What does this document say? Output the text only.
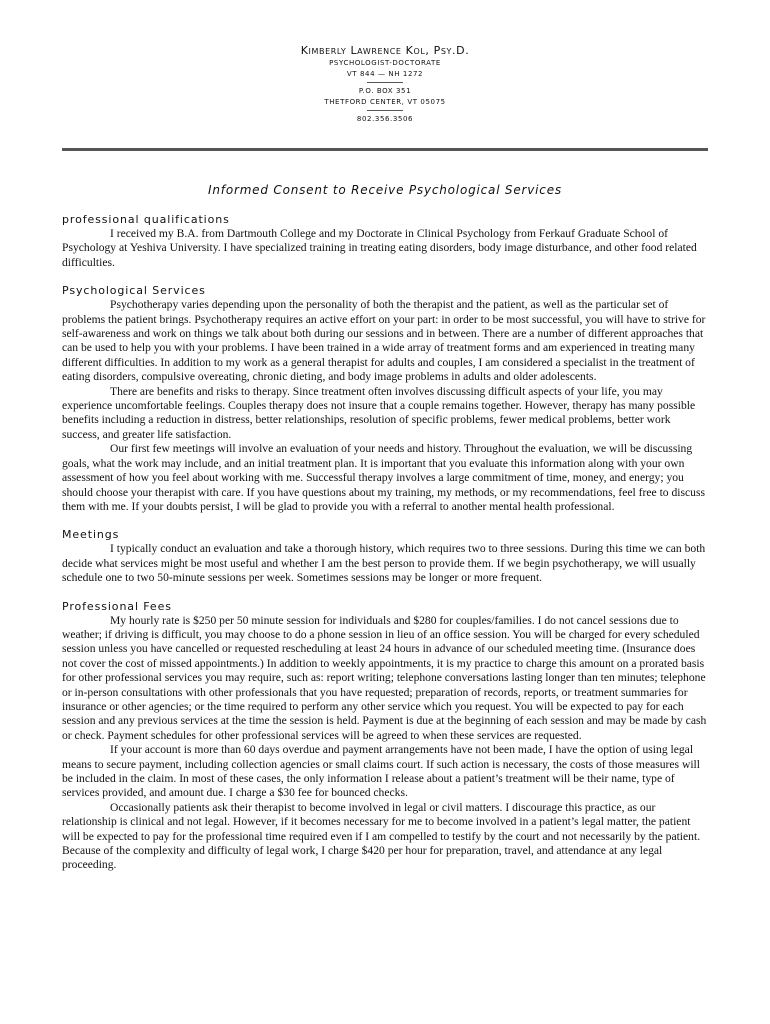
Kimberly Lawrence Kol, Psy.D.
PSYCHOLOGIST-DOCTORATE
VT 844 — NH 1272
P.O. BOX 351
THETFORD CENTER, VT 05075
802.356.3506
Informed Consent to Receive Psychological Services
professional qualifications

I received my B.A. from Dartmouth College and my Doctorate in Clinical Psychology from Ferkauf Graduate School of Psychology at Yeshiva University. I have specialized training in treating eating disorders, body image disturbance, and other food related difficulties.

Psychological Services

Psychotherapy varies depending upon the personality of both the therapist and the patient, as well as the particular set of problems the patient brings. Psychotherapy requires an active effort on your part: in order to be most successful, you will have to strive for self-awareness and work on things we talk about both during our sessions and in between. There are a number of different approaches that can be used to help you with your problems. I have been trained in a wide array of treatment forms and am experienced in treating many different difficulties. In addition to my work as a general therapist for adults and couples, I am considered a specialist in the treatment of eating disorders, compulsive overeating, chronic dieting, and body image problems in adults and older adolescents.

There are benefits and risks to therapy. Since treatment often involves discussing difficult aspects of your life, you may experience uncomfortable feelings. Couples therapy does not insure that a couple remains together. However, therapy has many possible benefits including a reduction in distress, better relationships, resolution of specific problems, fewer medical problems, better work success, and greater life satisfaction.

Our first few meetings will involve an evaluation of your needs and history. Throughout the evaluation, we will be discussing goals, what the work may include, and an initial treatment plan. It is important that you evaluate this information along with your own assessment of how you feel about working with me. Successful therapy involves a large commitment of time, money, and energy; you should choose your therapist with care. If you have questions about my training, my methods, or my recommendations, feel free to discuss them with me. If your doubts persist, I will be glad to provide you with a referral to another mental health professional.

Meetings

I typically conduct an evaluation and take a thorough history, which requires two to three sessions. During this time we can both decide what services might be most useful and whether I am the best person to provide them. If we begin psychotherapy, we will usually schedule one to two 50-minute sessions per week. Sometimes sessions may be longer or more frequent.

Professional Fees

My hourly rate is $250 per 50 minute session for individuals and $280 for couples/families. I do not cancel sessions due to weather; if driving is difficult, you may choose to do a phone session in lieu of an office session. You will be charged for every scheduled session unless you have cancelled or requested rescheduling at least 24 hours in advance of our scheduled meeting time. (Insurance does not cover the cost of missed appointments.) In addition to weekly appointments, it is my practice to charge this amount on a prorated basis for other professional services you may require, such as: report writing; telephone conversations lasting longer than ten minutes; telephone or in-person consultations with other professionals that you have requested; preparation of records, reports, or treatment summaries for insurance or other agencies; or the time required to perform any other service which you request. You will be expected to pay for each session and any previous services at the time the session is held. Payment is due at the beginning of each session and may be made by cash or check. Payment schedules for other professional services will be agreed to when these services are requested.

If your account is more than 60 days overdue and payment arrangements have not been made, I have the option of using legal means to secure payment, including collection agencies or small claims court. If such action is necessary, the costs of those measures will be included in the claim. In most of these cases, the only information I release about a patient’s treatment will be their name, type of services provided, and amount due. I charge a $30 fee for bounced checks.

Occasionally patients ask their therapist to become involved in legal or civil matters. I discourage this practice, as our relationship is clinical and not legal. However, if it becomes necessary for me to become involved in a patient’s legal matter, the patient will be expected to pay for the professional time required even if I am compelled to testify by the court and not necessarily by the patient. Because of the complexity and difficulty of legal work, I charge $420 per hour for preparation, travel, and attendance at any legal proceeding.
